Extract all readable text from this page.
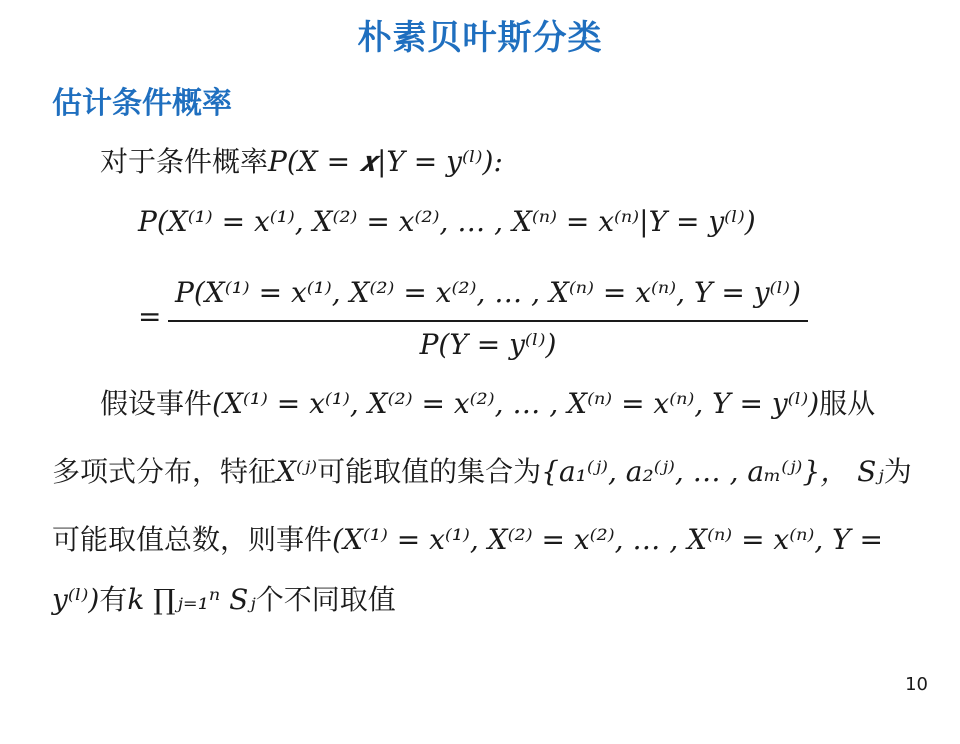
朴素贝叶斯分类
估计条件概率
对于条件概率P(X = 𝒙|Y = y⁽ˡ⁾):
P(X⁽¹⁾ = x⁽¹⁾, X⁽²⁾ = x⁽²⁾, … , X⁽ⁿ⁾ = x⁽ⁿ⁾|Y = y⁽ˡ⁾)
=
P(X⁽¹⁾ = x⁽¹⁾, X⁽²⁾ = x⁽²⁾, … , X⁽ⁿ⁾ = x⁽ⁿ⁾, Y = y⁽ˡ⁾)
P(Y = y⁽ˡ⁾)
假设事件(X⁽¹⁾ = x⁽¹⁾, X⁽²⁾ = x⁽²⁾, … , X⁽ⁿ⁾ = x⁽ⁿ⁾, Y = y⁽ˡ⁾)服从
多项式分布，特征X⁽ʲ⁾可能取值的集合为{a₁⁽ʲ⁾, a₂⁽ʲ⁾, … , aₘ⁽ʲ⁾}， Sⱼ为
可能取值总数，则事件(X⁽¹⁾ = x⁽¹⁾, X⁽²⁾ = x⁽²⁾, … , X⁽ⁿ⁾ = x⁽ⁿ⁾, Y =
y⁽ˡ⁾)有k ∏ⱼ₌₁ⁿ Sⱼ个不同取值
10
